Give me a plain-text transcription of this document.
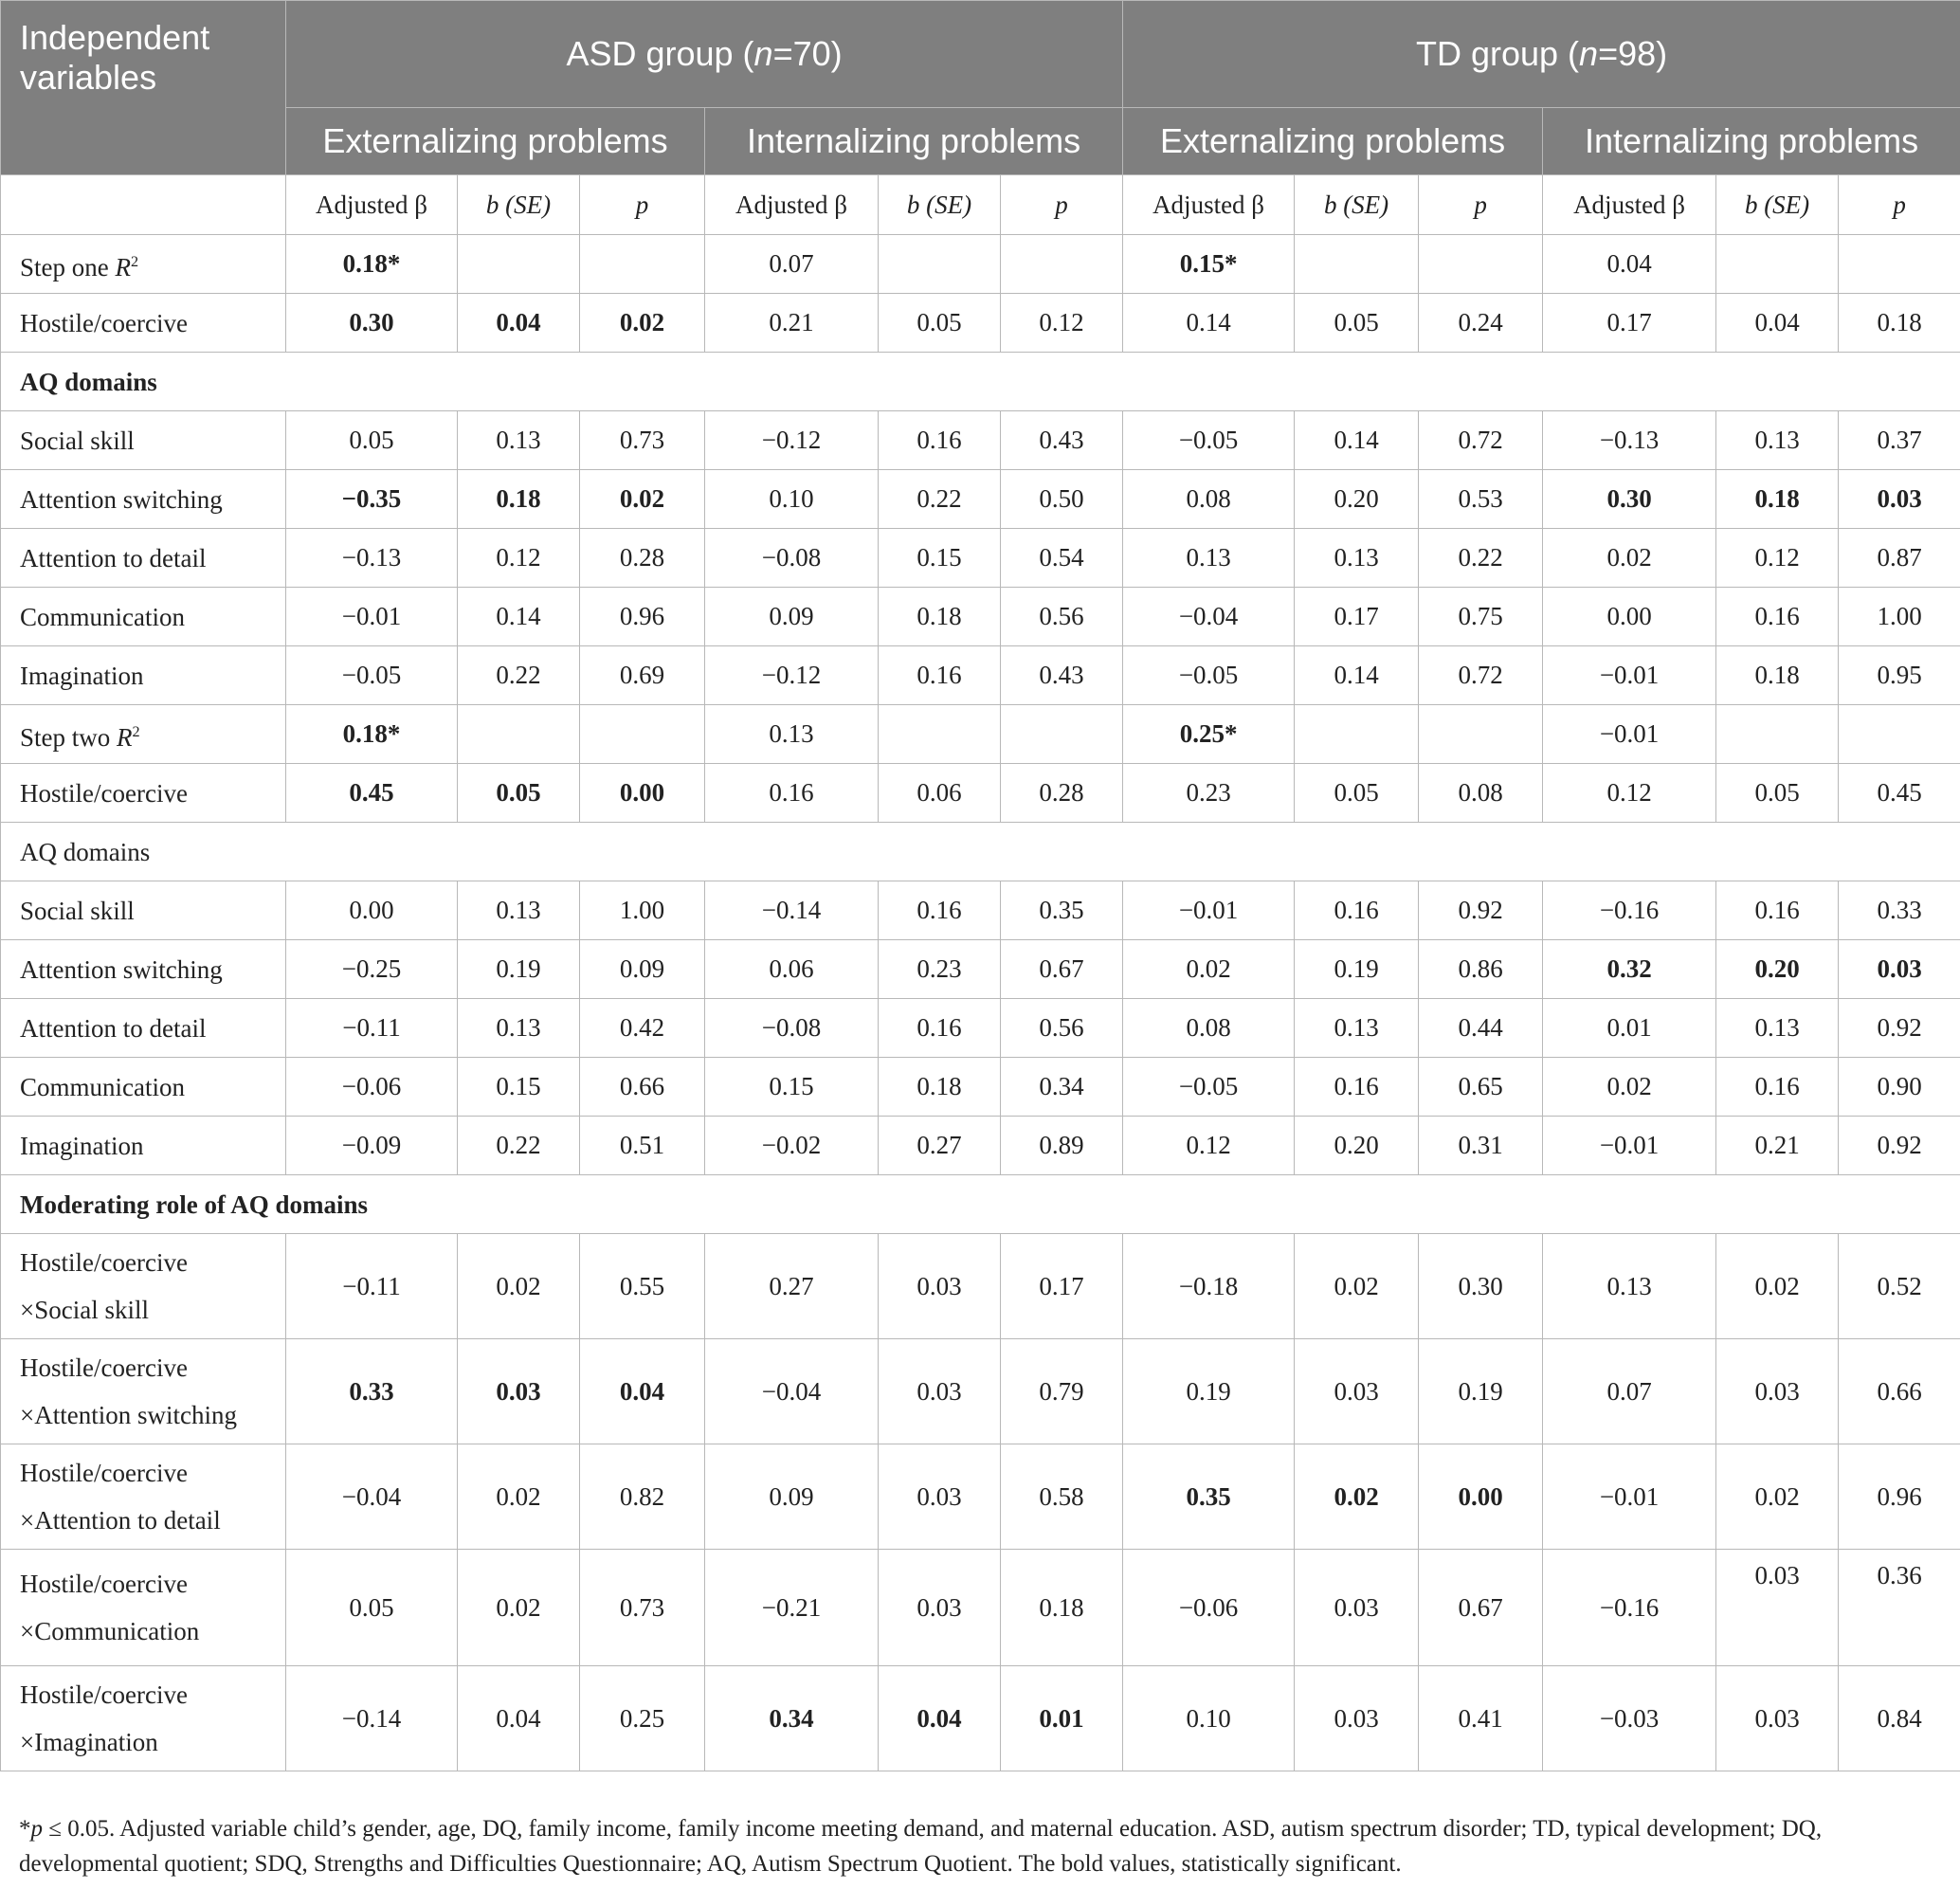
Independent variables	ASD group (n=70)						TD group (n=98)					
	Externalizing problems			Internalizing problems			Externalizing problems			Internalizing problems		
	Adjusted β	b (SE)	p	Adjusted β	b (SE)	p	Adjusted β	b (SE)	p	Adjusted β	b (SE)	p
Step one $R^2$	0.18*			0.07			0.15*			0.04		
Hostile/coercive	0.30	0.04	0.02	0.21	0.05	0.12	0.14	0.05	0.24	0.17	0.04	0.18
AQ domains												
Social skill	0.05	0.13	0.73	−0.12	0.16	0.43	−0.05	0.14	0.72	−0.13	0.13	0.37
Attention switching	−0.35	0.18	0.02	0.10	0.22	0.50	0.08	0.20	0.53	0.30	0.18	0.03
Attention to detail	−0.13	0.12	0.28	−0.08	0.15	0.54	0.13	0.13	0.22	0.02	0.12	0.87
Communication	−0.01	0.14	0.96	0.09	0.18	0.56	−0.04	0.17	0.75	0.00	0.16	1.00
Imagination	−0.05	0.22	0.69	−0.12	0.16	0.43	−0.05	0.14	0.72	−0.01	0.18	0.95
Step two $R^2$	0.18*			0.13			0.25*			−0.01		
Hostile/coercive	0.45	0.05	0.00	0.16	0.06	0.28	0.23	0.05	0.08	0.12	0.05	0.45
AQ domains												
Social skill	0.00	0.13	1.00	−0.14	0.16	0.35	−0.01	0.16	0.92	−0.16	0.16	0.33
Attention switching	−0.25	0.19	0.09	0.06	0.23	0.67	0.02	0.19	0.86	0.32	0.20	0.03
Attention to detail	−0.11	0.13	0.42	−0.08	0.16	0.56	0.08	0.13	0.44	0.01	0.13	0.92
Communication	−0.06	0.15	0.66	0.15	0.18	0.34	−0.05	0.16	0.65	0.02	0.16	0.90
Imagination	−0.09	0.22	0.51	−0.02	0.27	0.89	0.12	0.20	0.31	−0.01	0.21	0.92
Moderating role of AQ domains												

Hostile/coercive
×Social skill	−0.11	0.02	0.55	0.27	0.03	0.17	−0.18	0.02	0.30	0.13	0.02	0.52

Hostile/coercive
×Attention switching	0.33	0.03	0.04	−0.04	0.03	0.79	0.19	0.03	0.19	0.07	0.03	0.66

Hostile/coercive
×Attention to detail	−0.04	0.02	0.82	0.09	0.03	0.58	0.35	0.02	0.00	−0.01	0.02	0.96

Hostile/coercive
×Communication	0.05	0.02	0.73	−0.21	0.03	0.18	−0.06	0.03	0.67	−0.16	0.03	0.36

Hostile/coercive
×Imagination	−0.14	0.04	0.25	0.34	0.04	0.01	0.10	0.03	0.41	−0.03	0.03	0.84
*p ≤ 0.05. Adjusted variable child’s gender, age, DQ, family income, family income meeting demand, and maternal education. ASD, autism spectrum disorder; TD, typical development; DQ, developmental quotient; SDQ, Strengths and Difficulties Questionnaire; AQ, Autism Spectrum Quotient. The bold values, statistically significant.
